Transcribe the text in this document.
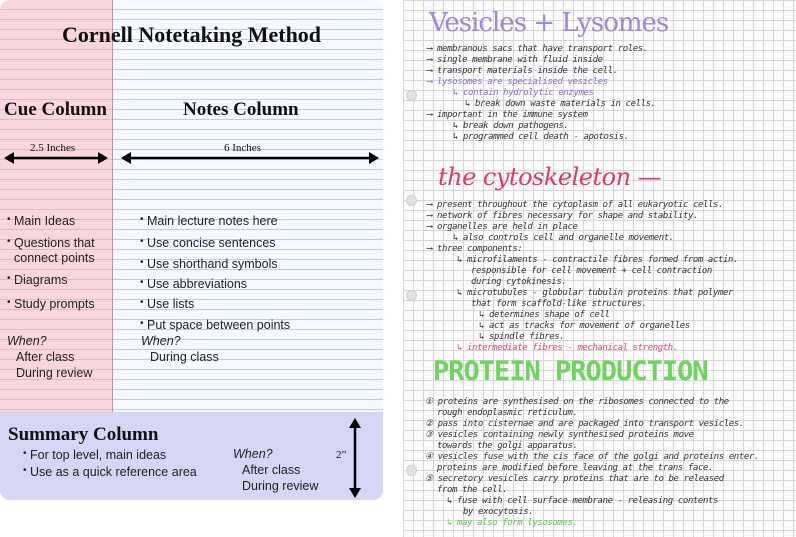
Cornell Notetaking Method
Cue Column	Notes Column
2.5 Inches	6 Inches
• Main Ideas
• Questions that
connect points
• Diagrams
• Study prompts
When?
After class
During review
• Main lecture notes here
• Use concise sentences
• Use shorthand symbols
• Use abbreviations
• Use lists
• Put space between points
When?
During class
Summary Column
• For top level, main ideas
• Use as a quick reference area
When?
After class
During review
2”
Vesicles + Lysomes
⟶ membranous sacs that have transport roles.
⟶ single membrane with fluid inside
⟶ transport materials inside the cell.
⟶ lysosomes are specialised vesicles
↳ contain hydrolytic enzymes
↳ break down waste materials in cells.
⟶ important in the immune system
↳ break down pathogens.
↳ programmed cell death - apotosis.
the cytoskeleton —
⟶ present throughout the cytoplasm of all eukaryotic cells.
⟶ network of fibres necessary for shape and stability.
⟶ organelles are held in place
↳ also controls cell and organelle movement.
⟶ three components:
↳ microfilaments - contractile fibres formed from actin.
responsible for cell movement + cell contraction
during cytokinesis.
↳ microtubules - globular tubulin proteins that polymer
that form scaffold-like structures.
↳ determines shape of cell
↳ act as tracks for movement of organelles
↳ spindle fibres.
↳ intermediate fibres - mechanical strength.
PROTEIN PRODUCTION
① proteins are synthesised on the ribosomes connected to the
rough endoplasmic reticulum.
② pass into cisternae and are packaged into transport vesicles.
③ vesicles containing newly synthesised proteins move
towards the golgi apparatus.
④ vesicles fuse with the cis face of the golgi and proteins enter.
proteins are modified before leaving at the trans face.
⑤ secretory vesicles carry proteins that are to be released
from the cell.
↳ fuse with cell surface membrane - releasing contents
by exocytosis.
↳ may also form lysosomes.
